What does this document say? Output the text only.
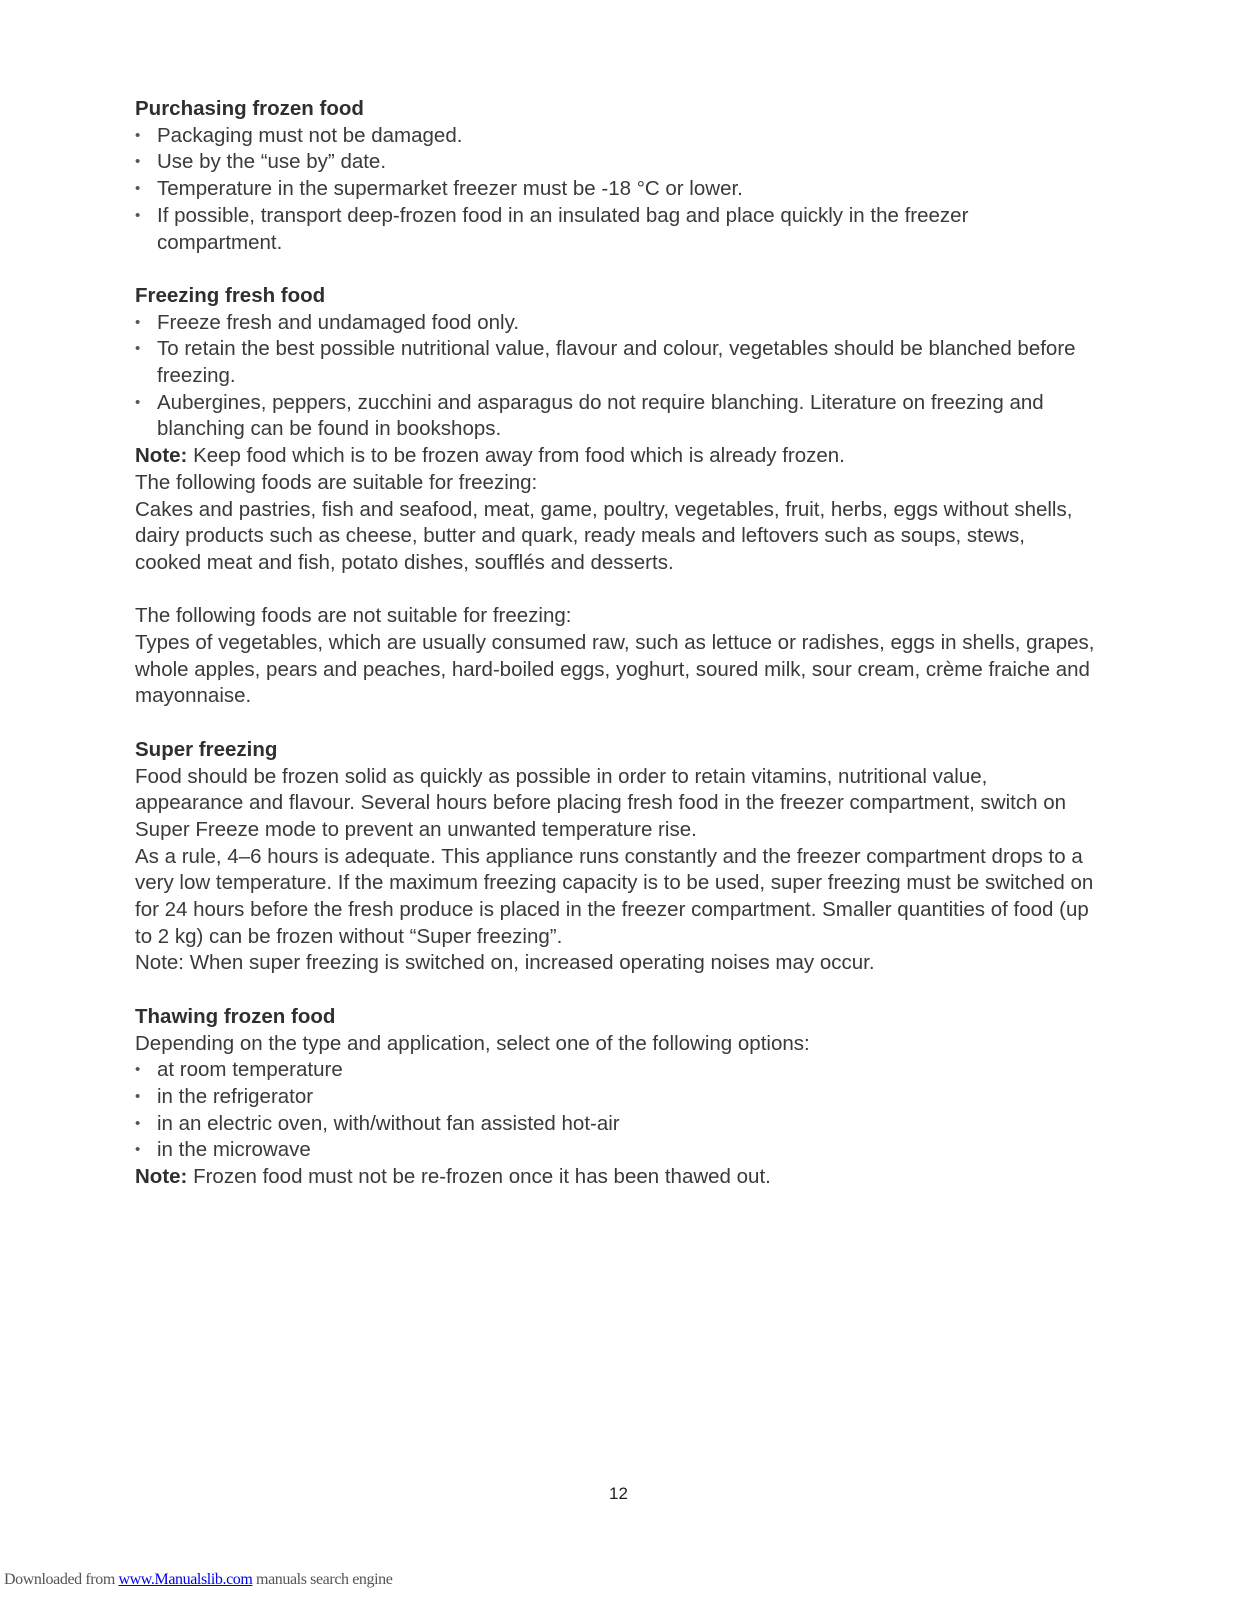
Purchasing frozen food
• Packaging must not be damaged.
• Use by the “use by” date.
• Temperature in the supermarket freezer must be -18 °C or lower.
• If possible, transport deep-frozen food in an insulated bag and place quickly in the freezer compartment.
Freezing fresh food
• Freeze fresh and undamaged food only.
• To retain the best possible nutritional value, flavour and colour, vegetables should be blanched before freezing.
• Aubergines, peppers, zucchini and asparagus do not require blanching. Literature on freezing and blanching can be found in bookshops.

Note: Keep food which is to be frozen away from food which is already frozen.

The following foods are suitable for freezing:

Cakes and pastries, fish and seafood, meat, game, poultry, vegetables, fruit, herbs, eggs without shells, dairy products such as cheese, butter and quark, ready meals and leftovers such as soups, stews, cooked meat and fish, potato dishes, soufflés and desserts.

The following foods are not suitable for freezing:

Types of vegetables, which are usually consumed raw, such as lettuce or radishes, eggs in shells, grapes, whole apples, pears and peaches, hard-boiled eggs, yoghurt, soured milk, sour cream, crème fraiche and mayonnaise.

Super freezing

Food should be frozen solid as quickly as possible in order to retain vitamins, nutritional value, appearance and flavour. Several hours before placing fresh food in the freezer compartment, switch on Super Freeze mode to prevent an unwanted temperature rise.

As a rule, 4–6 hours is adequate. This appliance runs constantly and the freezer compartment drops to a very low temperature. If the maximum freezing capacity is to be used, super freezing must be switched on for 24 hours before the fresh produce is placed in the freezer compartment. Smaller quantities of food (up to 2 kg) can be frozen without “Super freezing”.

Note: When super freezing is switched on, increased operating noises may occur.

Thawing frozen food

Depending on the type and application, select one of the following options:

• at room temperature
• in the refrigerator
• in an electric oven, with/without fan assisted hot-air
• in the microwave

Note: Frozen food must not be re-frozen once it has been thawed out.

12
Downloaded from www.Manualslib.com manuals search engine
